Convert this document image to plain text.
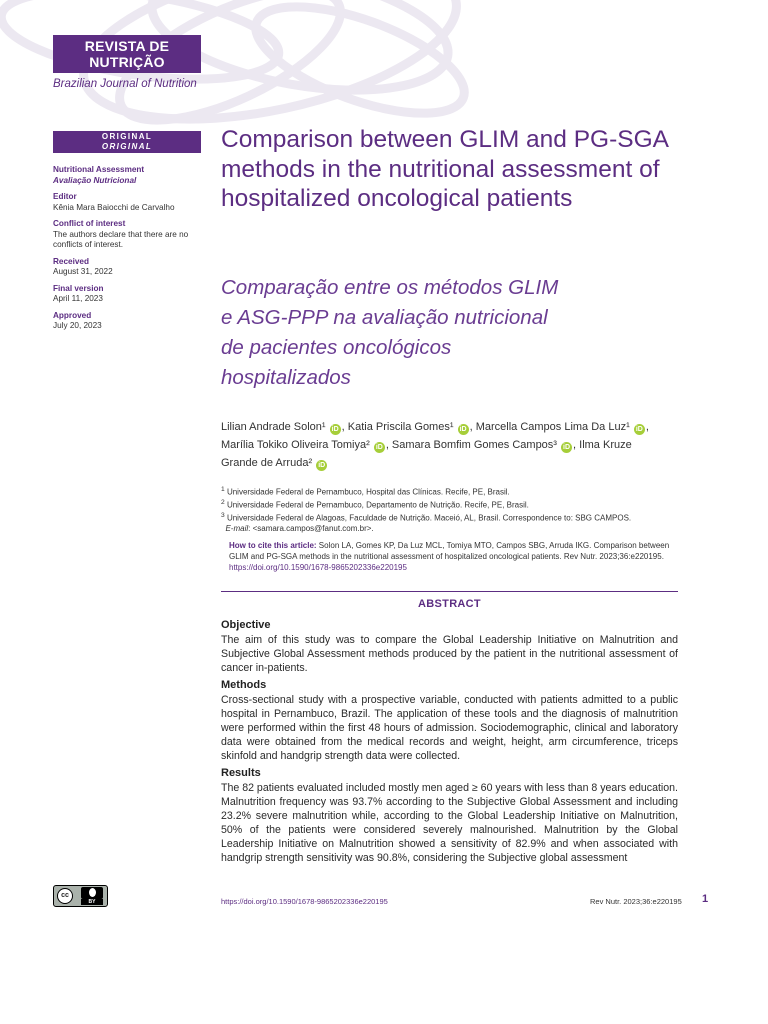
REVISTA DE
NUTRIÇÃO
Brazilian Journal of Nutrition
ORIGINAL
ORIGINAL
Nutritional Assessment
Avaliação Nutricional
Editor
Kênia Mara Baiocchi de Carvalho
Conflict of interest
The authors declare that there are no conflicts of interest.
Received
August 31, 2022
Final version
April 11, 2023
Approved
July 20, 2023
Comparison between GLIM and PG-SGA methods in the nutritional assessment of hospitalized oncological patients
Comparação entre os métodos GLIM
e ASG-PPP na avaliação nutricional
de pacientes oncológicos
hospitalizados
Lilian Andrade Solon¹ iD , Katia Priscila Gomes¹ iD , Marcella Campos Lima Da Luz¹ iD ,
Marília Tokiko Oliveira Tomiya² iD , Samara Bomfim Gomes Campos³ iD , Ilma Kruze
Grande de Arruda² iD
$^1$ Universidade Federal de Pernambuco, Hospital das Clínicas. Recife, PE, Brasil.
$^2$ Universidade Federal de Pernambuco, Departamento de Nutrição. Recife, PE, Brasil.
$^3$ Universidade Federal de Alagoas, Faculdade de Nutrição. Maceió, AL, Brasil. Correspondence to: SBG CAMPOS.
E-mail: <samara.campos@fanut.com.br>.
How to cite this article: Solon LA, Gomes KP, Da Luz MCL, Tomiya MTO, Campos SBG, Arruda IKG. Comparison between GLIM and PG-SGA methods in the nutritional assessment of hospitalized oncological patients. Rev Nutr. 2023;36:e220195. https://doi.org/10.1590/1678-9865202336e220195
ABSTRACT
Objective

The aim of this study was to compare the Global Leadership Initiative on Malnutrition and Subjective Global Assessment methods produced by the patient in the nutritional assessment of cancer in-patients.

Methods

Cross-sectional study with a prospective variable, conducted with patients admitted to a public hospital in Pernambuco, Brazil. The application of these tools and the diagnosis of malnutrition were performed within the first 48 hours of admission. Sociodemographic, clinical and laboratory data were obtained from the medical records and weight, height, arm circumference, triceps skinfold and handgrip strength data were collected.

Results

The 82 patients evaluated included mostly men aged ≥ 60 years with less than 8 years education. Malnutrition frequency was 93.7% according to the Subjective Global Assessment and including 23.2% severe malnutrition while, according to the Global Leadership Initiative on Malnutrition, 50% of the patients were considered severely malnourished. Malnutrition by the Global Leadership Initiative on Malnutrition showed a sensitivity of 82.9% and when associated with handgrip strength sensitivity was 90.8%, considering the Subjective global assessment

cc
BY	https://doi.org/10.1590/1678-9865202336e220195	Rev Nutr. 2023;36:e220195 1
